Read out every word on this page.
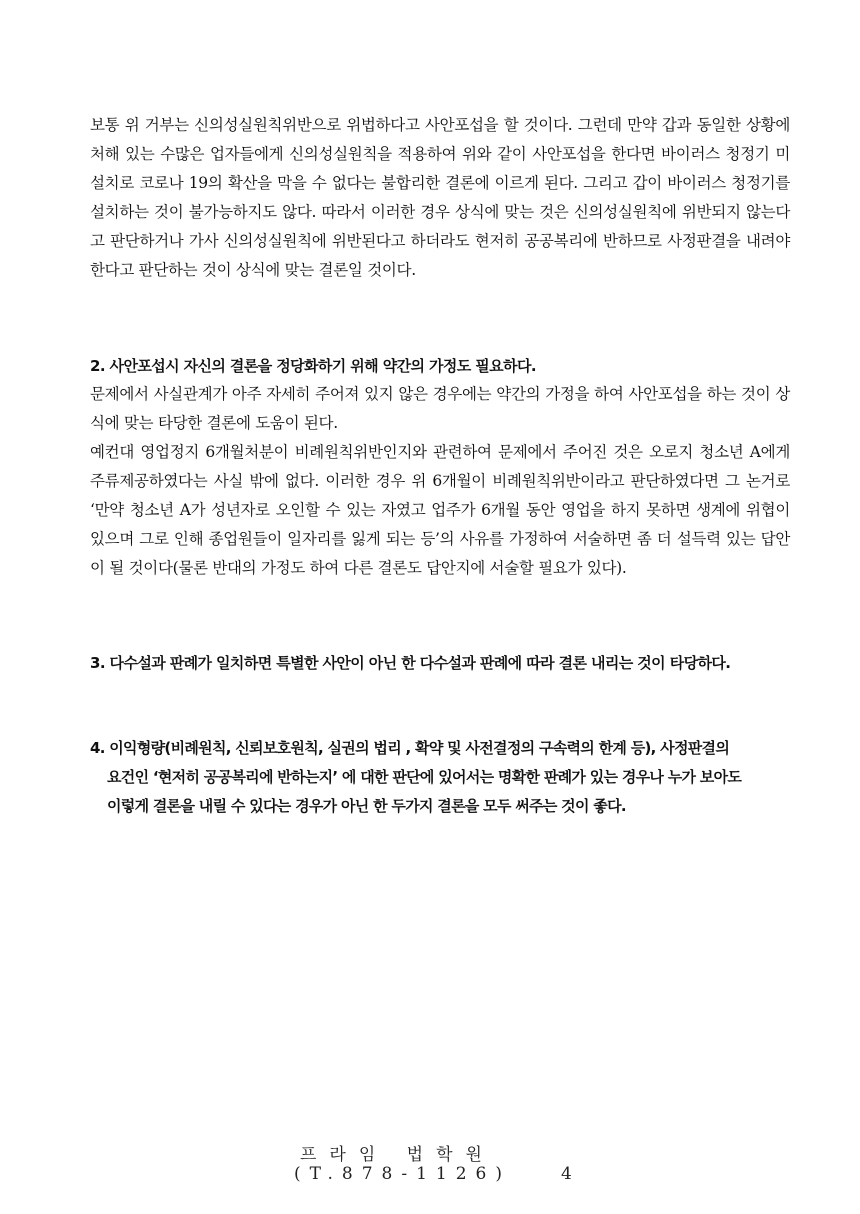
보통 위 거부는 신의성실원칙위반으로 위법하다고 사안포섭을 할 것이다. 그런데 만약 갑과 동일한 상황에 처해 있는 수많은 업자들에게 신의성실원칙을 적용하여 위와 같이 사안포섭을 한다면 바이러스 청정기 미설치로 코로나 19의 확산을 막을 수 없다는 불합리한 결론에 이르게 된다. 그리고 갑이 바이러스 청정기를 설치하는 것이 불가능하지도 않다. 따라서 이러한 경우 상식에 맞는 것은 신의성실원칙에 위반되지 않는다고 판단하거나 가사 신의성실원칙에 위반된다고 하더라도 현저히 공공복리에 반하므로 사정판결을 내려야 한다고 판단하는 것이 상식에 맞는 결론일 것이다.
2. 사안포섭시 자신의 결론을 정당화하기 위해 약간의 가정도 필요하다.
문제에서 사실관계가 아주 자세히 주어져 있지 않은 경우에는 약간의 가정을 하여 사안포섭을 하는 것이 상식에 맞는 타당한 결론에 도움이 된다.
예컨대 영업정지 6개월처분이 비례원칙위반인지와 관련하여 문제에서 주어진 것은 오로지 청소년 A에게 주류제공하였다는 사실 밖에 없다. 이러한 경우 위 6개월이 비례원칙위반이라고 판단하였다면 그 논거로 ‘만약 청소년 A가 성년자로 오인할 수 있는 자였고 업주가 6개월 동안 영업을 하지 못하면 생계에 위협이 있으며 그로 인해 종업원들이 일자리를 잃게 되는 등’의 사유를 가정하여 서술하면 좀 더 설득력 있는 답안이 될 것이다(물론 반대의 가정도 하여 다른 결론도 답안지에 서술할 필요가 있다).
3. 다수설과 판례가 일치하면 특별한 사안이 아닌 한 다수설과 판례에 따라 결론 내리는 것이 타당하다.
4. 이익형량(비례원칙, 신뢰보호원칙, 실권의 법리 , 확약 및 사전결정의 구속력의 한계 등), 사정판결의
요건인 ‘현저히 공공복리에 반하는지’ 에 대한 판단에 있어서는 명확한 판례가 있는 경우나 누가 보아도
이렇게 결론을 내릴 수 있다는 경우가 아닌 한 두가지 결론을 모두 써주는 것이 좋다.
프라임 법학원
(T.878-1126)	4
